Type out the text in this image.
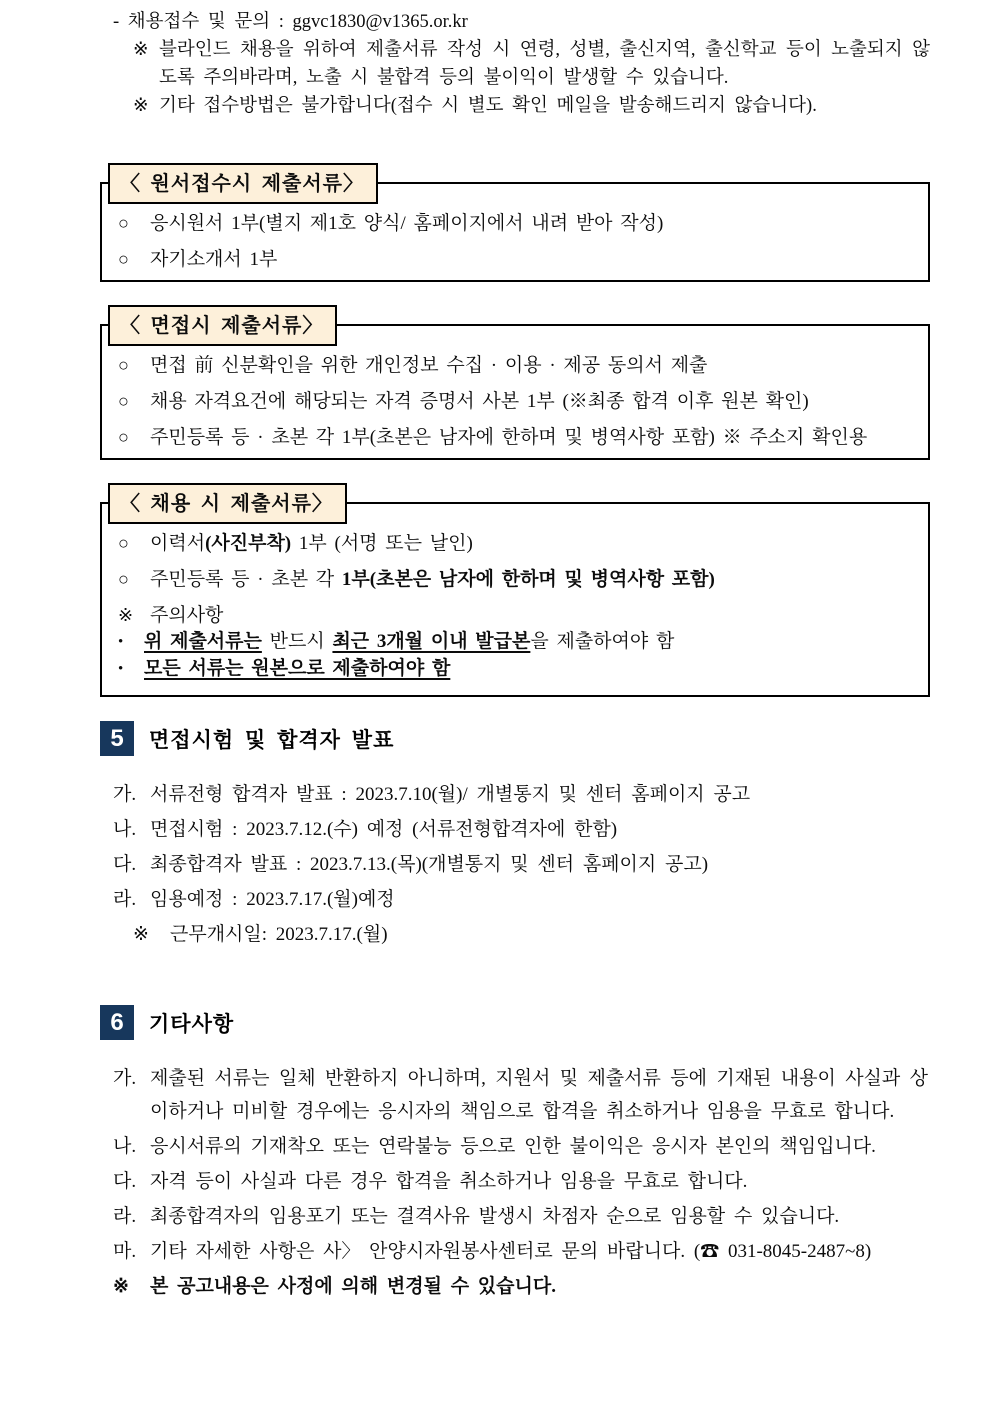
- 채용접수 및 문의 : ggvc1830@v1365.or.kr

※ 블라인드 채용을 위하여 제출서류 작성 시 연령, 성별, 출신지역, 출신학교 등이 노출되지 않도록 주의바라며, 노출 시 불합격 등의 불이익이 발생할 수 있습니다.

※ 기타 접수방법은 불가합니다(접수 시 별도 확인 메일을 발송해드리지 않습니다).

〈 원서접수시 제출서류〉
○	응시원서 1부(별지 제1호 양식/ 홈페이지에서 내려 받아 작성)
○	자기소개서 1부
〈 면접시 제출서류〉
○	면접 前 신분확인을 위한 개인정보 수집 · 이용 · 제공 동의서 제출
○	채용 자격요건에 해당되는 자격 증명서 사본 1부 (※최종 합격 이후 원본 확인)
○	주민등록 등 · 초본 각 1부(초본은 남자에 한하며 및 병역사항 포함) ※ 주소지 확인용
〈 채용 시 제출서류〉
○	이력서(사진부착) 1부 (서명 또는 날인)
○	주민등록 등 · 초본 각 1부(초본은 남자에 한하며 및 병역사항 포함)
※ 주의사항
•	위 제출서류는 반드시 최근 3개월 이내 발급본을 제출하여야 함
•	모든 서류는 원본으로 제출하여야 함
5	면접시험 및 합격자 발표
가. 서류전형 합격자 발표 : 2023.7.10(월)/ 개별통지 및 센터 홈페이지 공고
나. 면접시험 : 2023.7.12.(수) 예정 (서류전형합격자에 한함)
다. 최종합격자 발표 : 2023.7.13.(목)(개별통지 및 센터 홈페이지 공고)
라. 임용예정 : 2023.7.17.(월)예정
※	근무개시일: 2023.7.17.(월)
6	기타사항
가. 제출된 서류는 일체 반환하지 아니하며, 지원서 및 제출서류 등에 기재된 내용이 사실과 상이하거나 미비할 경우에는 응시자의 책임으로 합격을 취소하거나 임용을 무효로 합니다.
나. 응시서류의 기재착오 또는 연락불능 등으로 인한 불이익은 응시자 본인의 책임입니다.
다. 자격 등이 사실과 다른 경우 합격을 취소하거나 임용을 무효로 합니다.
라. 최종합격자의 임용포기 또는 결격사유 발생시 차점자 순으로 임용할 수 있습니다.
마. 기타 자세한 사항은 사〉 안양시자원봉사센터로 문의 바랍니다. (☎ 031-8045-2487~8)
※	본 공고내용은 사정에 의해 변경될 수 있습니다.
